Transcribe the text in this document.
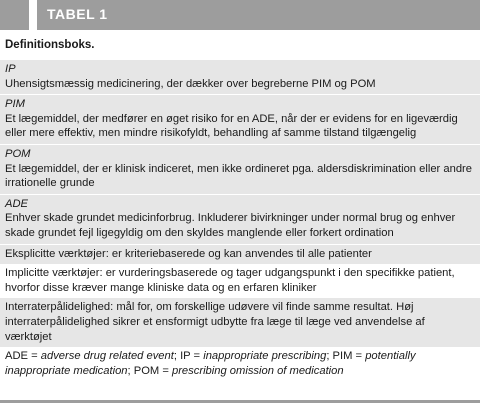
TABEL 1
Definitionsboks.
IP
Uhensigtsmæssig medicinering, der dækker over begreberne PIM og POM
PIM
Et lægemiddel, der medfører en øget risiko for en ADE, når der er evidens for en ligeværdig eller mere effektiv, men mindre risikofyldt, behandling af samme tilstand tilgængelig
POM
Et lægemiddel, der er klinisk indiceret, men ikke ordineret pga. aldersdiskrimination eller andre irrationelle grunde
ADE
Enhver skade grundet medicinforbrug. Inkluderer bivirkninger under normal brug og enhver skade grundet fejl ligegyldig om den skyldes manglende eller forkert ordination
Eksplicitte værktøjer: er kriteriebaserede og kan anvendes til alle patienter
Implicitte værktøjer: er vurderingsbaserede og tager udgangspunkt i den specifikke patient, hvorfor disse kræver mange kliniske data og en erfaren kliniker
Interraterpålidelighed: mål for, om forskellige udøvere vil finde samme resultat. Høj interraterpålidelighed sikrer et ensformigt udbytte fra læge til læge ved anvendelse af værktøjet
ADE = adverse drug related event; IP = inappropriate prescribing; PIM = potentially inappropriate medication; POM = prescribing omission of medication
